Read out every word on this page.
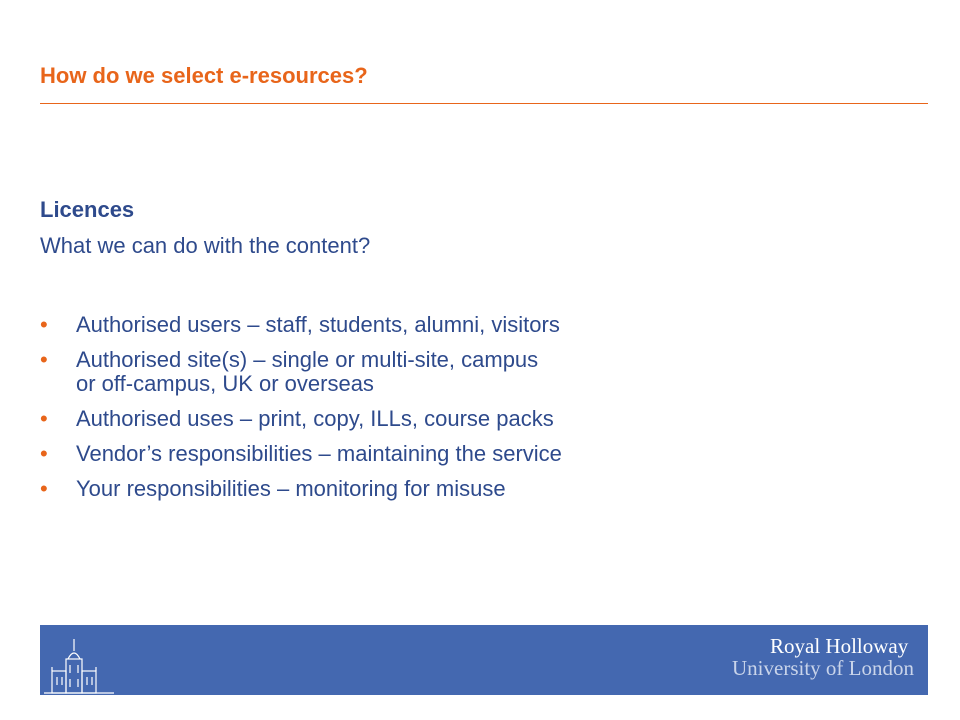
How do we select e-resources?
Licences
What we can do with the content?
• Authorised users – staff, students, alumni, visitors
• Authorised site(s) – single or multi-site, campus
or off-campus, UK or overseas
• Authorised uses – print, copy, ILLs, course packs
• Vendor’s responsibilities – maintaining the service
• Your responsibilities – monitoring for misuse
Royal Holloway
University of London
